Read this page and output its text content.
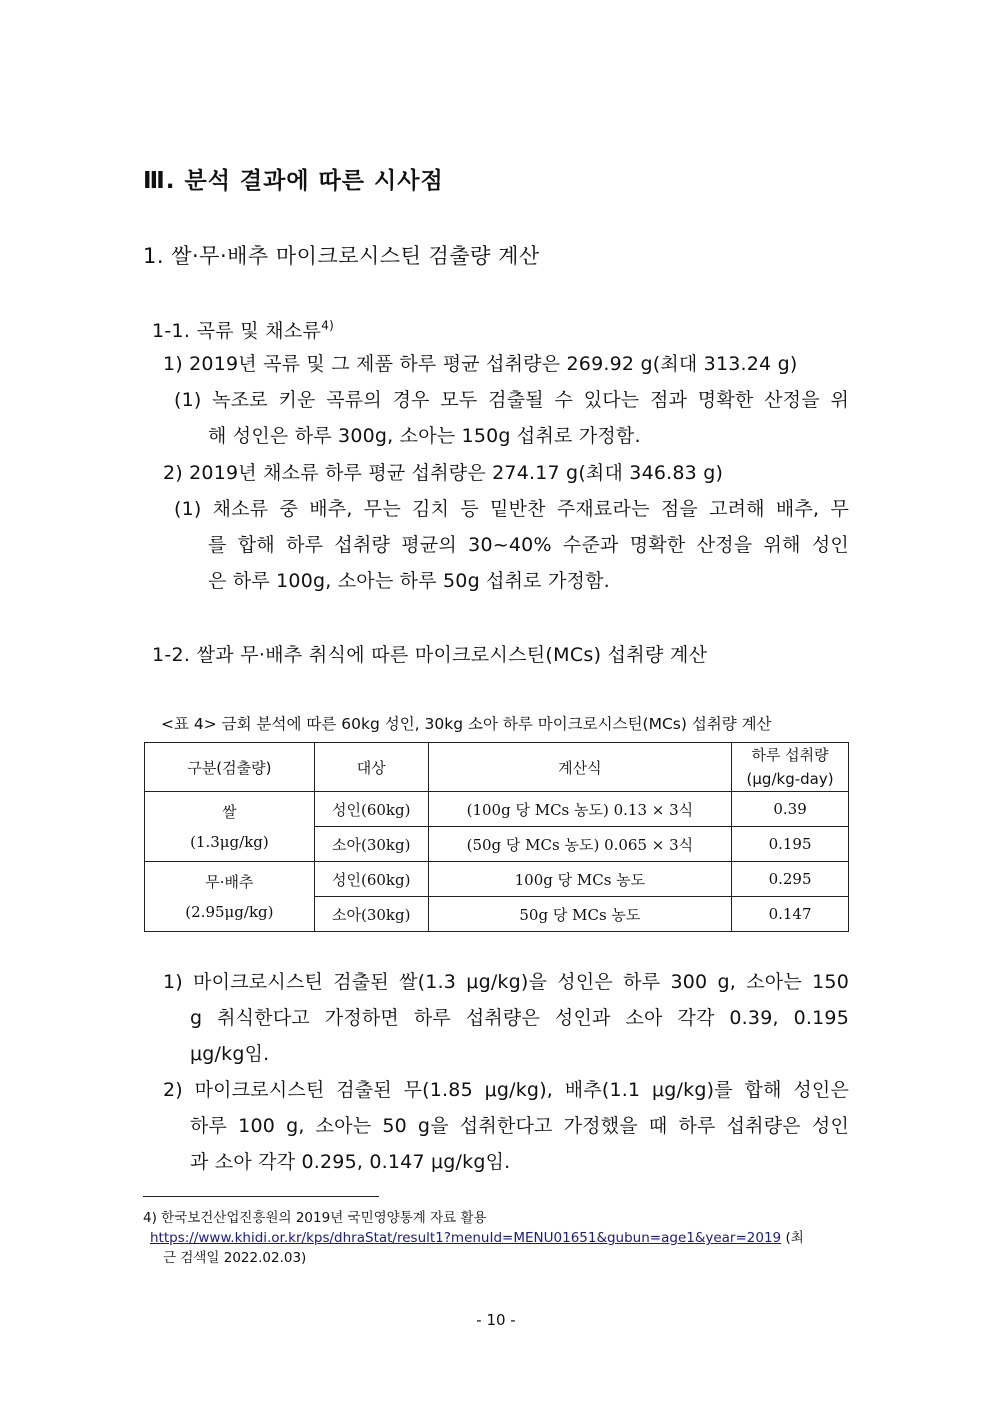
Ⅲ. 분석 결과에 따른 시사점
1. 쌀·무·배추 마이크로시스틴 검출량 계산
1-1. 곡류 및 채소류$^{4)}$
1) 2019년 곡류 및 그 제품 하루 평균 섭취량은 269.92 g(최대 313.24 g)
(1) 녹조로 키운 곡류의 경우 모두 검출될 수 있다는 점과 명확한 산정을 위
해 성인은 하루 300g, 소아는 150g 섭취로 가정함.
2) 2019년 채소류 하루 평균 섭취량은 274.17 g(최대 346.83 g)
(1) 채소류 중 배추, 무는 김치 등 밑반찬 주재료라는 점을 고려해 배추, 무
를 합해 하루 섭취량 평균의 30~40% 수준과 명확한 산정을 위해 성인
은 하루 100g, 소아는 하루 50g 섭취로 가정함.
1-2. 쌀과 무·배추 취식에 따른 마이크로시스틴(MCs) 섭취량 계산
<표 4> 금회 분석에 따른 60kg 성인, 30kg 소아 하루 마이크로시스틴(MCs) 섭취량 계산
구분(검출량)	대상	계산식	하루 섭취량
(μg/kg-day)

쌀
(1.3μg/kg)	성인(60kg)	(100g 당 MCs 농도) 0.13 × 3식	0.39
	소아(30kg)	(50g 당 MCs 농도) 0.065 × 3식	0.195

무·배추
(2.95μg/kg)	성인(60kg)	100g 당 MCs 농도	0.295
	소아(30kg)	50g 당 MCs 농도	0.147
1) 마이크로시스틴 검출된 쌀(1.3 μg/kg)을 성인은 하루 300 g, 소아는 150
g 취식한다고 가정하면 하루 섭취량은 성인과 소아 각각 0.39, 0.195
μg/kg임.
2) 마이크로시스틴 검출된 무(1.85 μg/kg), 배추(1.1 μg/kg)를 합해 성인은
하루 100 g, 소아는 50 g을 섭취한다고 가정했을 때 하루 섭취량은 성인
과 소아 각각 0.295, 0.147 μg/kg임.
4) 한국보건산업진흥원의 2019년 국민영양통계 자료 활용
https://www.khidi.or.kr/kps/dhraStat/result1?menuId=MENU01651&gubun=age1&year=2019 (최
근 검색일 2022.02.03)
- 10 -
